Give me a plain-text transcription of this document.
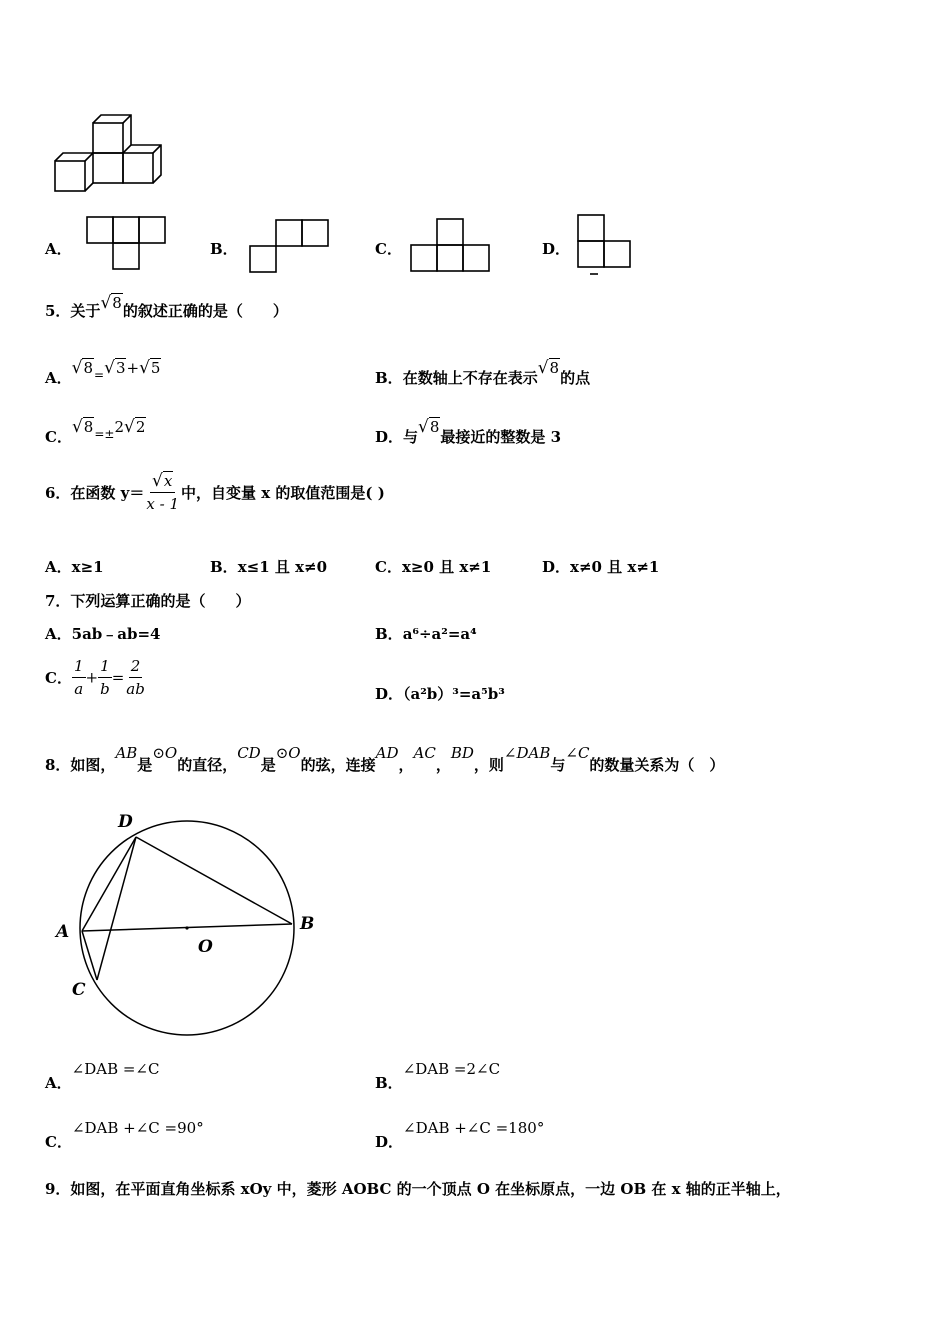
A．	B．	C．	D．
5．关于√8的叙述正确的是（　　）
A．$√8_=√3+√5$
B．在数轴上不存在表示√8的点
C．$√8_{=\pm}2√2$
D．与√8最接近的整数是 3
6．在函数 $y= \frac{√x}{x - 1}$ 中，自变量 x 的取值范围是( )
A．x≥1	B．x≤1 且 x≠0	C．x≥0 且 x≠1	D．x≠0 且 x≠1
7．下列运算正确的是（　　）
A．5ab﹣ab=4	B．a⁶÷a²=a⁴
C． $\frac{1}{a} + \frac{1}{b} = \frac{2}{ab}$	D．（a²b）³=a⁵b³
8．如图，AB是⊙O的直径，CD是⊙O的弦，连接AD，AC，BD，则∠DAB与∠C的数量关系为（　）
D
A
O
B
C
A．∠DAB =∠C
B．∠DAB =2∠C
C．∠DAB +∠C =90°
D．∠DAB +∠C =180°
9．如图，在平面直角坐标系 xOy 中，菱形 AOBC 的一个顶点 O 在坐标原点，一边 OB 在 x 轴的正半轴上，
